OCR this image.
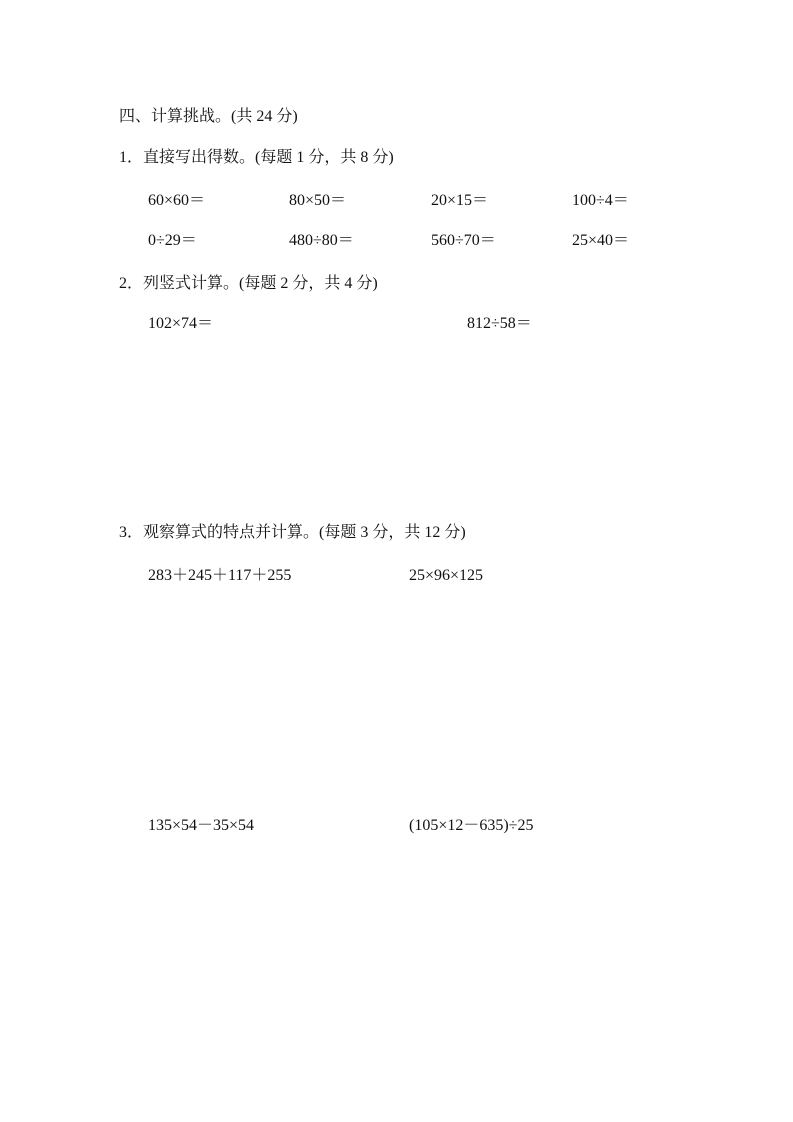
四、计算挑战。(共 24 分)
1．直接写出得数。(每题 1 分，共 8 分)
60×60＝	80×50＝	20×15＝	100÷4＝
0÷29＝	480÷80＝	560÷70＝	25×40＝
2．列竖式计算。(每题 2 分，共 4 分)
102×74＝	812÷58＝
3．观察算式的特点并计算。(每题 3 分，共 12 分)
283＋245＋117＋255	25×96×125
135×54－35×54	(105×12－635)÷25
